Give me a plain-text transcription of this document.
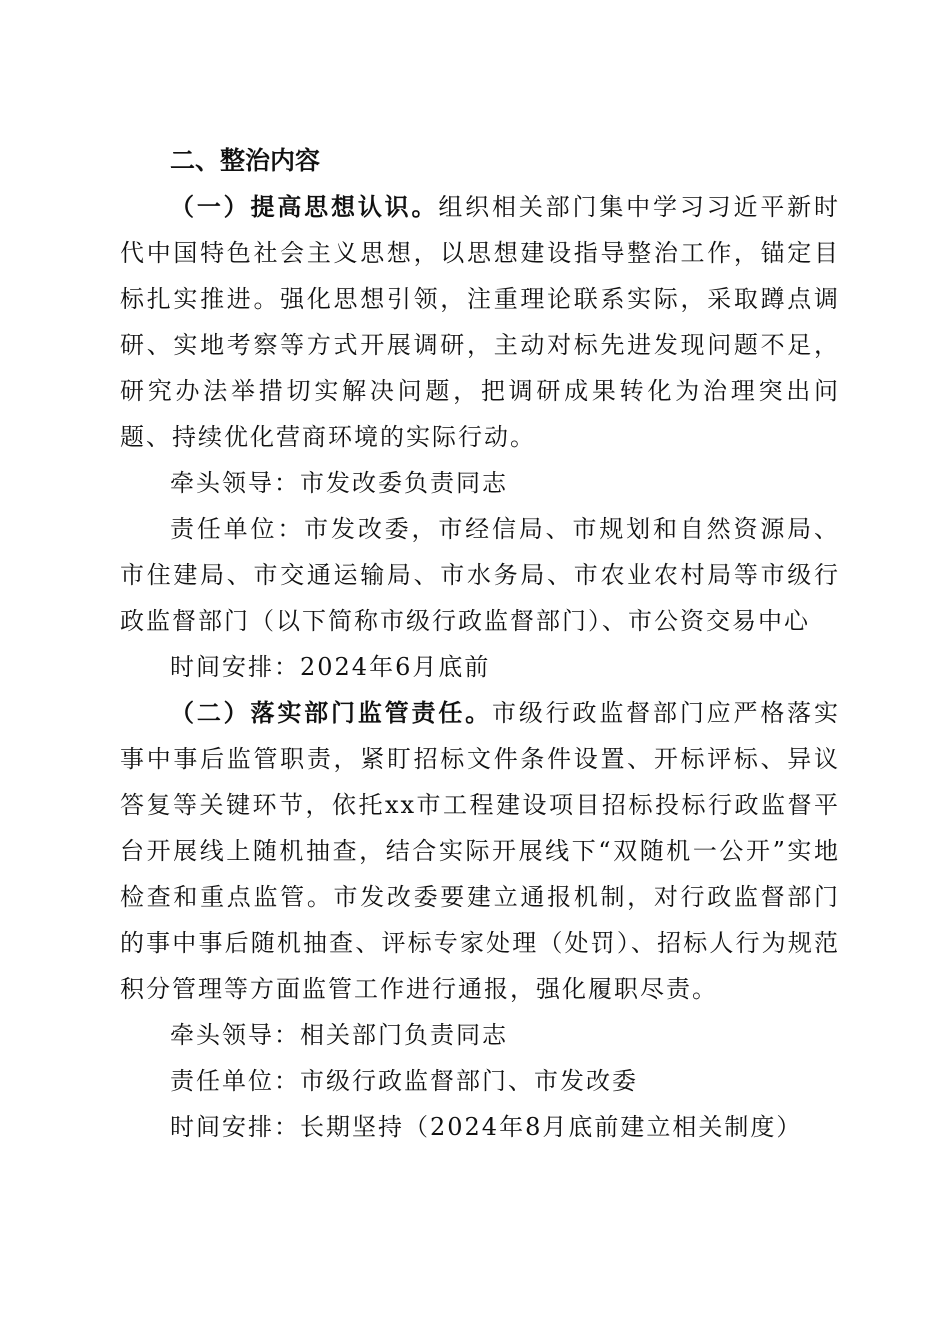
二、整治内容

（一）提高思想认识。组织相关部门集中学习习近平新时代中国特色社会主义思想，以思想建设指导整治工作，锚定目标扎实推进。强化思想引领，注重理论联系实际，采取蹲点调研、实地考察等方式开展调研，主动对标先进发现问题不足，研究办法举措切实解决问题，把调研成果转化为治理突出问题、持续优化营商环境的实际行动。

牵头领导：市发改委负责同志

责任单位：市发改委，市经信局、市规划和自然资源局、市住建局、市交通运输局、市水务局、市农业农村局等市级行政监督部门（以下简称市级行政监督部门）、市公资交易中心

时间安排：2024年6月底前

（二）落实部门监管责任。市级行政监督部门应严格落实事中事后监管职责，紧盯招标文件条件设置、开标评标、异议答复等关键环节，依托xx市工程建设项目招标投标行政监督平台开展线上随机抽查，结合实际开展线下“双随机一公开”实地检查和重点监管。市发改委要建立通报机制，对行政监督部门的事中事后随机抽查、评标专家处理（处罚）、招标人行为规范积分管理等方面监管工作进行通报，强化履职尽责。

牵头领导：相关部门负责同志

责任单位：市级行政监督部门、市发改委

时间安排：长期坚持（2024年8月底前建立相关制度）
